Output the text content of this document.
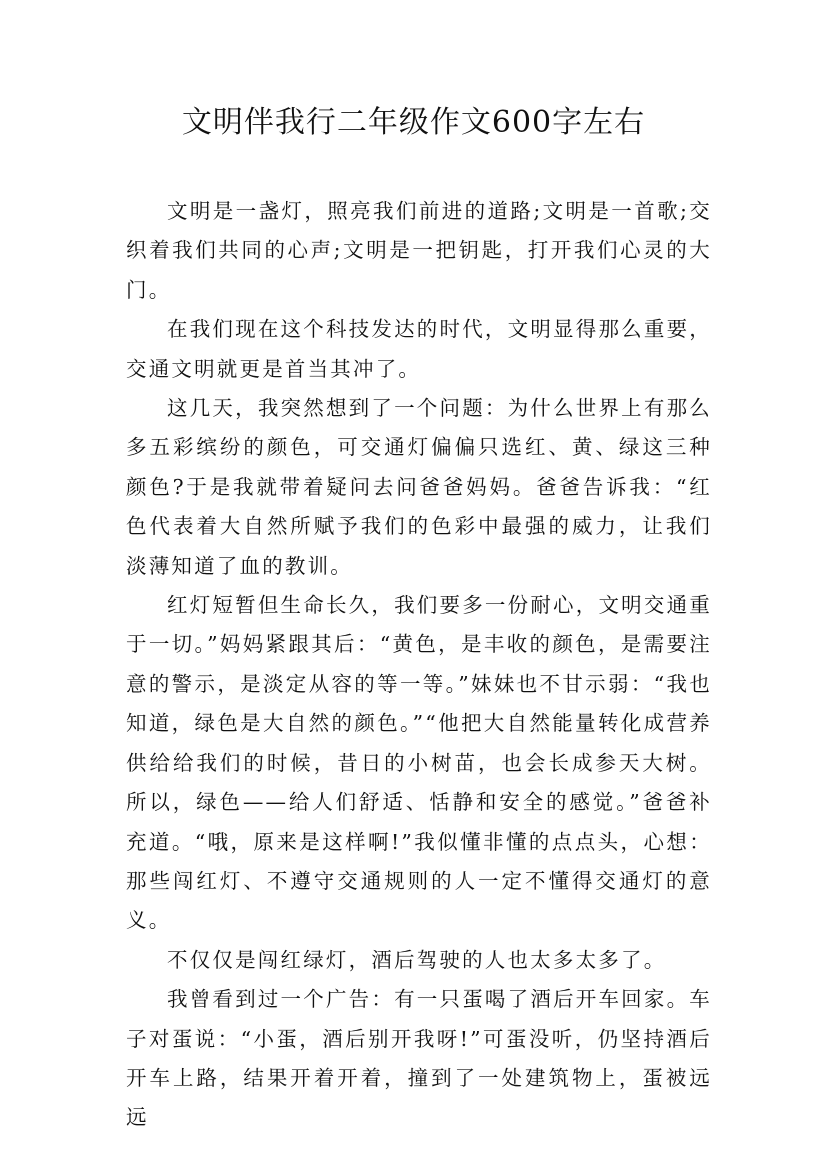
文明伴我行二年级作文600字左右

文明是一盏灯，照亮我们前进的道路;文明是一首歌;交织着我们共同的心声;文明是一把钥匙，打开我们心灵的大门。

在我们现在这个科技发达的时代，文明显得那么重要，交通文明就更是首当其冲了。

这几天，我突然想到了一个问题：为什么世界上有那么多五彩缤纷的颜色，可交通灯偏偏只选红、黄、绿这三种颜色?于是我就带着疑问去问爸爸妈妈。爸爸告诉我：“红色代表着大自然所赋予我们的色彩中最强的威力，让我们淡薄知道了血的教训。

红灯短暂但生命长久，我们要多一份耐心，文明交通重于一切。”妈妈紧跟其后：“黄色，是丰收的颜色，是需要注意的警示，是淡定从容的等一等。”妹妹也不甘示弱：“我也知道，绿色是大自然的颜色。”“他把大自然能量转化成营养供给给我们的时候，昔日的小树苗，也会长成参天大树。所以，绿色——给人们舒适、恬静和安全的感觉。”爸爸补充道。“哦，原来是这样啊!”我似懂非懂的点点头，心想：那些闯红灯、不遵守交通规则的人一定不懂得交通灯的意义。

不仅仅是闯红绿灯，酒后驾驶的人也太多太多了。

我曾看到过一个广告：有一只蛋喝了酒后开车回家。车子对蛋说：“小蛋，酒后别开我呀!”可蛋没听，仍坚持酒后开车上路，结果开着开着，撞到了一处建筑物上，蛋被远远
